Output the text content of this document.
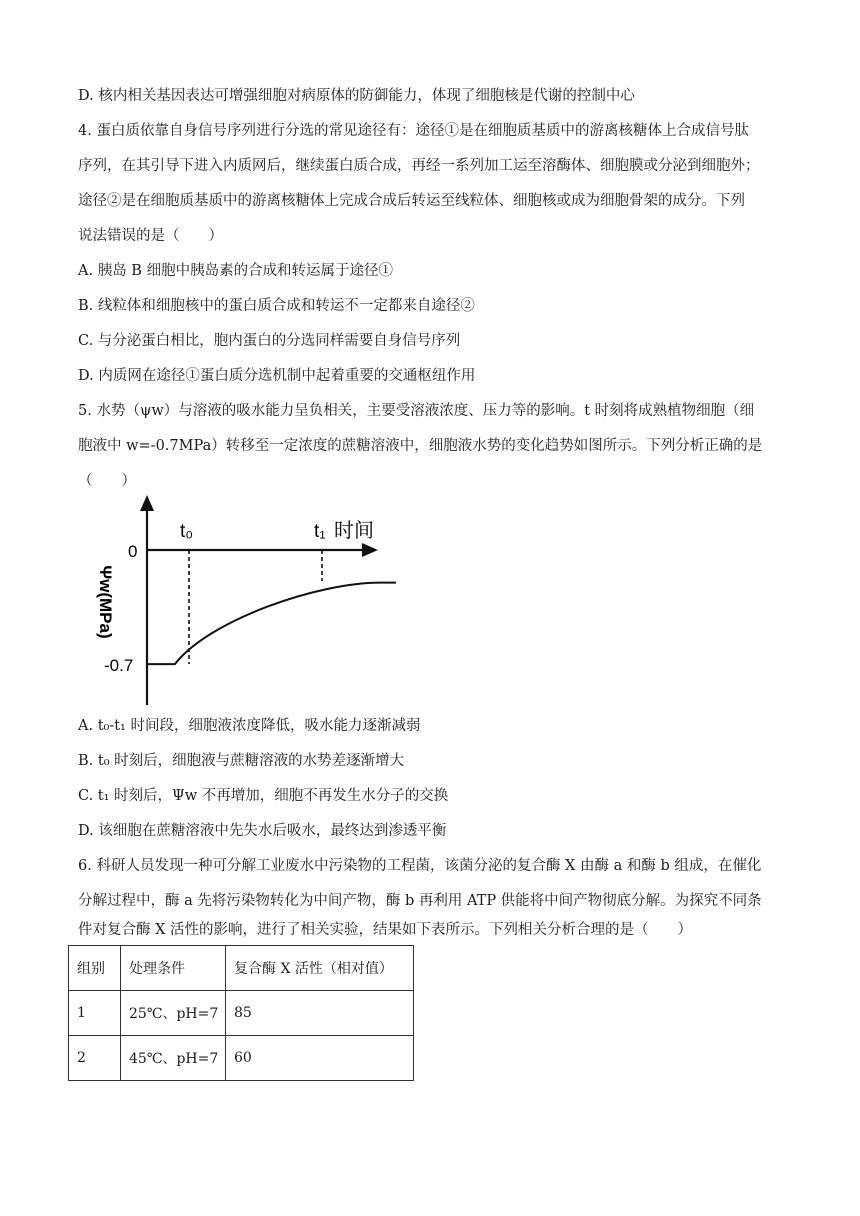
D. 核内相关基因表达可增强细胞对病原体的防御能力，体现了细胞核是代谢的控制中心
4. 蛋白质依靠自身信号序列进行分选的常见途径有：途径①是在细胞质基质中的游离核糖体上合成信号肽
序列，在其引导下进入内质网后，继续蛋白质合成，再经一系列加工运至溶酶体、细胞膜或分泌到细胞外；
途径②是在细胞质基质中的游离核糖体上完成合成后转运至线粒体、细胞核或成为细胞骨架的成分。下列
说法错误的是（　　）
A. 胰岛 B 细胞中胰岛素的合成和转运属于途径①
B. 线粒体和细胞核中的蛋白质合成和转运不一定都来自途径②
C. 与分泌蛋白相比，胞内蛋白的分选同样需要自身信号序列
D. 内质网在途径①蛋白质分选机制中起着重要的交通枢纽作用
5. 水势（ψw）与溶液的吸水能力呈负相关，主要受溶液浓度、压力等的影响。t 时刻将成熟植物细胞（细
胞液中 w=-0.7MPa）转移至一定浓度的蔗糖溶液中，细胞液水势的变化趋势如图所示。下列分析正确的是
（　　）
0
-0.7
t₀	t₁ 时间
Ψw(MPa)
A. t₀-t₁ 时间段，细胞液浓度降低，吸水能力逐渐减弱
B. t₀ 时刻后，细胞液与蔗糖溶液的水势差逐渐增大
C. t₁ 时刻后，Ψw 不再增加，细胞不再发生水分子的交换
D. 该细胞在蔗糖溶液中先失水后吸水，最终达到渗透平衡
6. 科研人员发现一种可分解工业废水中污染物的工程菌，该菌分泌的复合酶 X 由酶 a 和酶 b 组成，在催化
分解过程中，酶 a 先将污染物转化为中间产物，酶 b 再利用 ATP 供能将中间产物彻底分解。为探究不同条
件对复合酶 X 活性的影响，进行了相关实验，结果如下表所示。下列相关分析合理的是（　　）
组别	处理条件	复合酶 X 活性（相对值）
1	25℃、pH=7	85
2	45℃、pH=7	60
